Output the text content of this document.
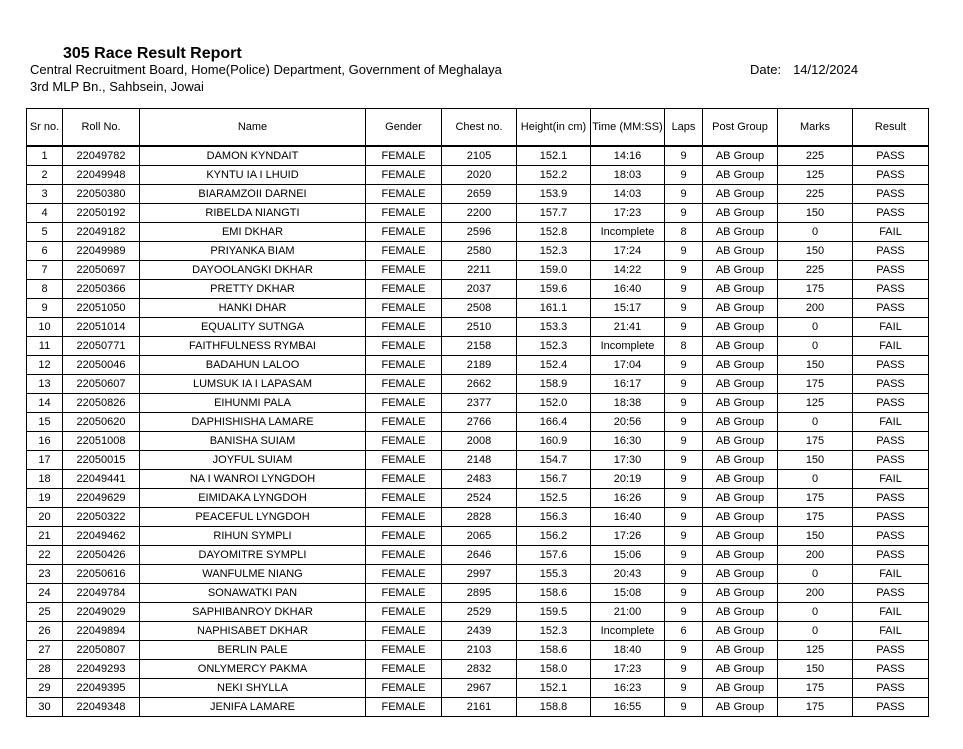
305 Race Result Report
Central Recruitment Board, Home(Police) Department, Government of Meghalaya
3rd MLP Bn., Sahbsein, Jowai
Date: 14/12/2024
Sr no.	Roll No.	Name	Gender	Chest no.	Height(in cm)	Time (MM:SS)	Laps	Post Group	Marks	Result
1	22049782	DAMON KYNDAIT	FEMALE	2105	152.1	14:16	9	AB Group	225	PASS
2	22049948	KYNTU IA I LHUID	FEMALE	2020	152.2	18:03	9	AB Group	125	PASS
3	22050380	BIARAMZOII DARNEI	FEMALE	2659	153.9	14:03	9	AB Group	225	PASS
4	22050192	RIBELDA NIANGTI	FEMALE	2200	157.7	17:23	9	AB Group	150	PASS
5	22049182	EMI DKHAR	FEMALE	2596	152.8	Incomplete	8	AB Group	0	FAIL
6	22049989	PRIYANKA BIAM	FEMALE	2580	152.3	17:24	9	AB Group	150	PASS
7	22050697	DAYOOLANGKI DKHAR	FEMALE	2211	159.0	14:22	9	AB Group	225	PASS
8	22050366	PRETTY DKHAR	FEMALE	2037	159.6	16:40	9	AB Group	175	PASS
9	22051050	HANKI DHAR	FEMALE	2508	161.1	15:17	9	AB Group	200	PASS
10	22051014	EQUALITY SUTNGA	FEMALE	2510	153.3	21:41	9	AB Group	0	FAIL
11	22050771	FAITHFULNESS RYMBAI	FEMALE	2158	152.3	Incomplete	8	AB Group	0	FAIL
12	22050046	BADAHUN LALOO	FEMALE	2189	152.4	17:04	9	AB Group	150	PASS
13	22050607	LUMSUK IA I LAPASAM	FEMALE	2662	158.9	16:17	9	AB Group	175	PASS
14	22050826	EIHUNMI PALA	FEMALE	2377	152.0	18:38	9	AB Group	125	PASS
15	22050620	DAPHISHISHA LAMARE	FEMALE	2766	166.4	20:56	9	AB Group	0	FAIL
16	22051008	BANISHA SUIAM	FEMALE	2008	160.9	16:30	9	AB Group	175	PASS
17	22050015	JOYFUL SUIAM	FEMALE	2148	154.7	17:30	9	AB Group	150	PASS
18	22049441	NA I WANROI LYNGDOH	FEMALE	2483	156.7	20:19	9	AB Group	0	FAIL
19	22049629	EIMIDAKA LYNGDOH	FEMALE	2524	152.5	16:26	9	AB Group	175	PASS
20	22050322	PEACEFUL LYNGDOH	FEMALE	2828	156.3	16:40	9	AB Group	175	PASS
21	22049462	RIHUN SYMPLI	FEMALE	2065	156.2	17:26	9	AB Group	150	PASS
22	22050426	DAYOMITRE SYMPLI	FEMALE	2646	157.6	15:06	9	AB Group	200	PASS
23	22050616	WANFULME NIANG	FEMALE	2997	155.3	20:43	9	AB Group	0	FAIL
24	22049784	SONAWATKI PAN	FEMALE	2895	158.6	15:08	9	AB Group	200	PASS
25	22049029	SAPHIBANROY DKHAR	FEMALE	2529	159.5	21:00	9	AB Group	0	FAIL
26	22049894	NAPHISABET DKHAR	FEMALE	2439	152.3	Incomplete	6	AB Group	0	FAIL
27	22050807	BERLIN PALE	FEMALE	2103	158.6	18:40	9	AB Group	125	PASS
28	22049293	ONLYMERCY PAKMA	FEMALE	2832	158.0	17:23	9	AB Group	150	PASS
29	22049395	NEKI SHYLLA	FEMALE	2967	152.1	16:23	9	AB Group	175	PASS
30	22049348	JENIFA LAMARE	FEMALE	2161	158.8	16:55	9	AB Group	175	PASS
